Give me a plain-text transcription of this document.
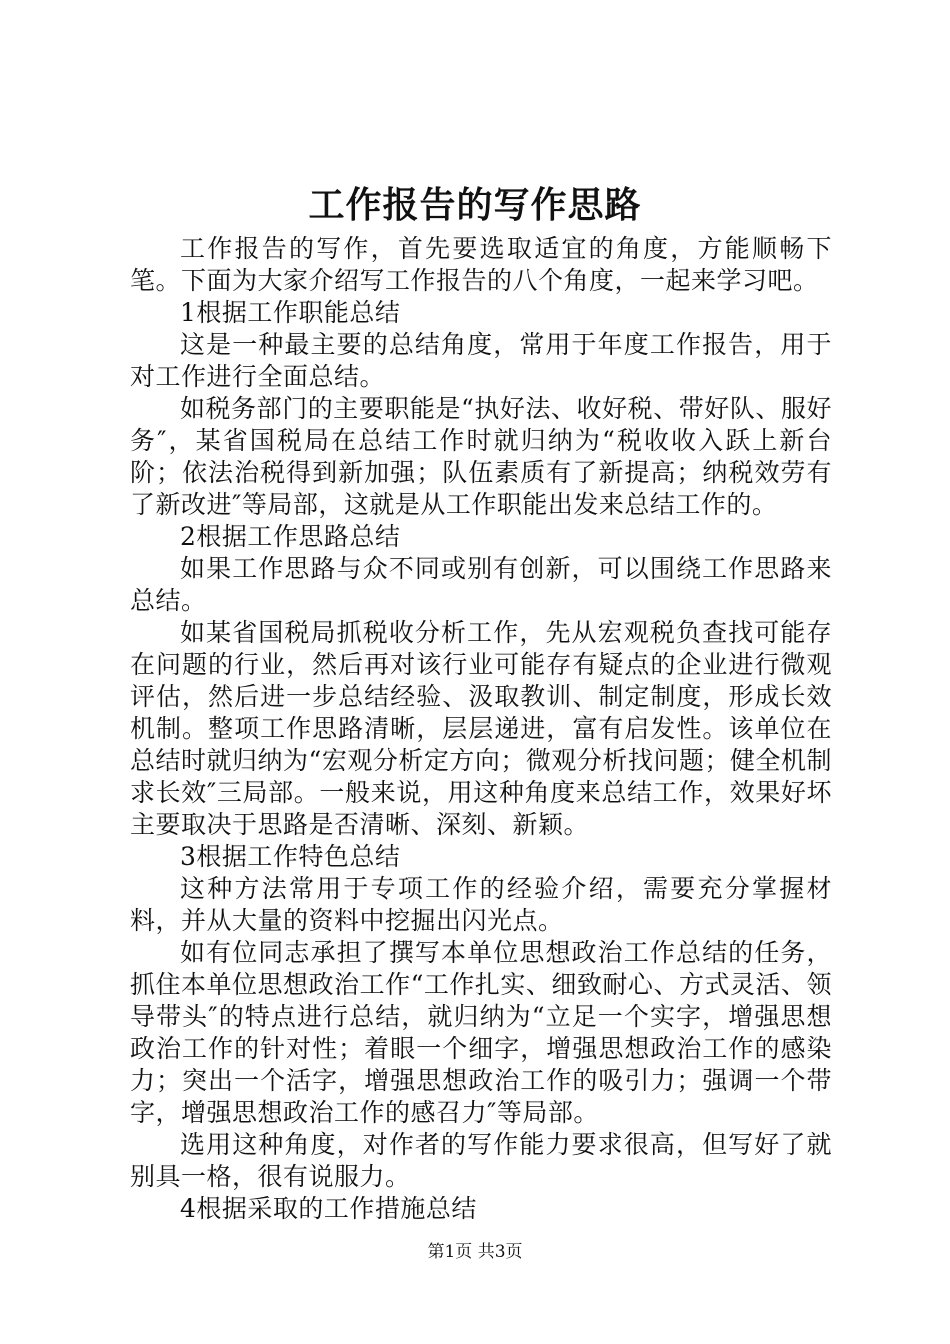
工作报告的写作思路

工作报告的写作，首先要选取适宜的角度，方能顺畅下笔。下面为大家介绍写工作报告的八个角度，一起来学习吧。

1根据工作职能总结

这是一种最主要的总结角度，常用于年度工作报告，用于对工作进行全面总结。

如税务部门的主要职能是“执好法、收好税、带好队、服好务″，某省国税局在总结工作时就归纳为“税收收入跃上新台阶；依法治税得到新加强；队伍素质有了新提高；纳税效劳有了新改进″等局部，这就是从工作职能出发来总结工作的。

2根据工作思路总结

如果工作思路与众不同或别有创新，可以围绕工作思路来总结。

如某省国税局抓税收分析工作，先从宏观税负查找可能存在问题的行业，然后再对该行业可能存有疑点的企业进行微观评估，然后进一步总结经验、汲取教训、制定制度，形成长效机制。整项工作思路清晰，层层递进，富有启发性。该单位在总结时就归纳为“宏观分析定方向；微观分析找问题；健全机制求长效″三局部。一般来说，用这种角度来总结工作，效果好坏主要取决于思路是否清晰、深刻、新颖。

3根据工作特色总结

这种方法常用于专项工作的经验介绍，需要充分掌握材料，并从大量的资料中挖掘出闪光点。

如有位同志承担了撰写本单位思想政治工作总结的任务，抓住本单位思想政治工作“工作扎实、细致耐心、方式灵活、领导带头″的特点进行总结，就归纳为“立足一个实字，增强思想政治工作的针对性；着眼一个细字，增强思想政治工作的感染力；突出一个活字，增强思想政治工作的吸引力；强调一个带字，增强思想政治工作的感召力″等局部。

选用这种角度，对作者的写作能力要求很高，但写好了就别具一格，很有说服力。

4根据采取的工作措施总结

第1页 共3页
